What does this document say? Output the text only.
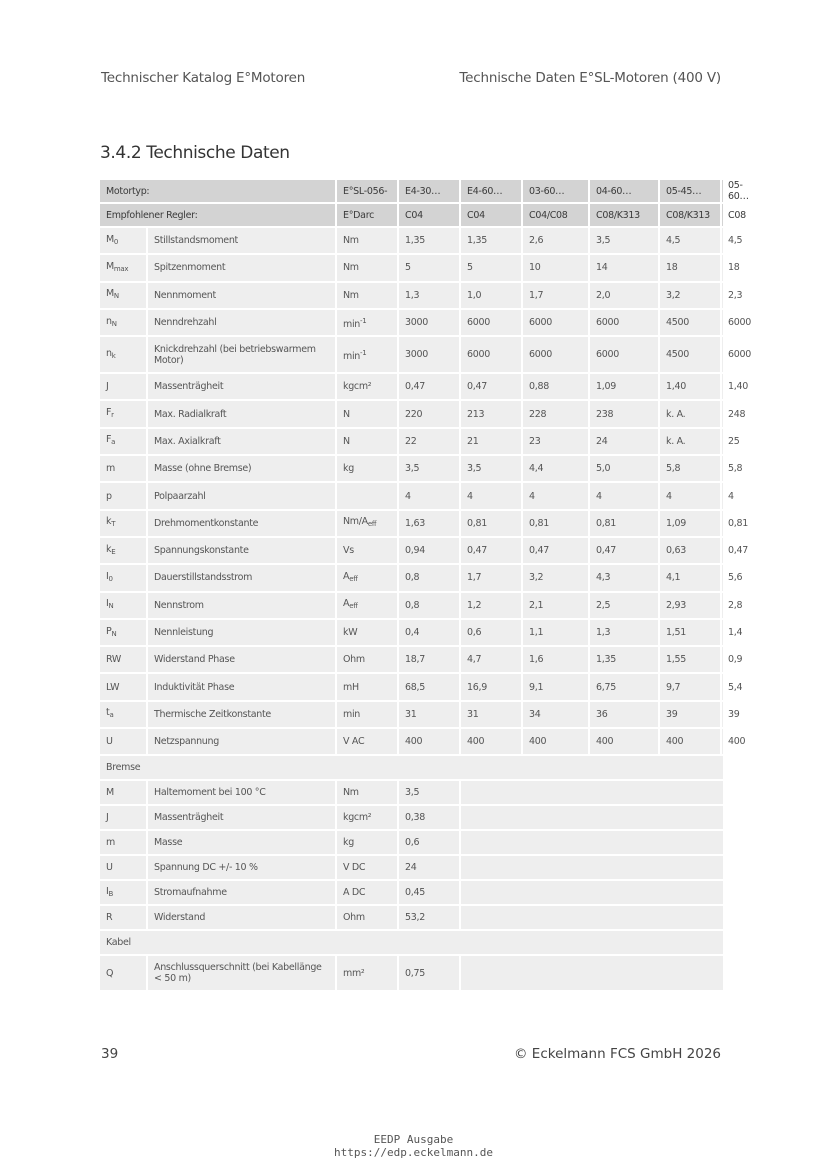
Technischer Katalog E°Motoren	Technische Daten E°SL-Motoren (400 V)
3.4.2 Technische Daten
Motortyp:		E°SL-056-	E4-30…	E4-60…	03-60…	04-60…	05-45…	05-60…
Empfohlener Regler:		E°Darc	C04	C04	C04/C08	C08/K313	C08/K313	C08
$M_0$	Stillstandsmoment	Nm	1,35	1,35	2,6	3,5	4,5	4,5
$M_{max}$	Spitzenmoment	Nm	5	5	10	14	18	18
$M_N$	Nennmoment	Nm	1,3	1,0	1,7	2,0	3,2	2,3
$n_N$	Nenndrehzahl	$\min^{-1}$	3000	6000	6000	6000	4500	6000
$n_k$	Knickdrehzahl (bei betriebswarmem Motor)	$\min^{-1}$	3000	6000	6000	6000	4500	6000
J	Massenträgheit	kgcm²	0,47	0,47	0,88	1,09	1,40	1,40
$F_r$	Max. Radialkraft	N	220	213	228	238	k. A.	248
$F_a$	Max. Axialkraft	N	22	21	23	24	k. A.	25
m	Masse (ohne Bremse)	kg	3,5	3,5	4,4	5,0	5,8	5,8
p	Polpaarzahl		4	4	4	4	4	4
$k_T$	Drehmomentkonstante	$Nm/A_{eff}$	1,63	0,81	0,81	0,81	1,09	0,81
$k_E$	Spannungskonstante	Vs	0,94	0,47	0,47	0,47	0,63	0,47
$I_0$	Dauerstillstandsstrom	$A_{eff}$	0,8	1,7	3,2	4,3	4,1	5,6
$I_N$	Nennstrom	$A_{eff}$	0,8	1,2	2,1	2,5	2,93	2,8
$P_N$	Nennleistung	kW	0,4	0,6	1,1	1,3	1,51	1,4
RW	Widerstand Phase	Ohm	18,7	4,7	1,6	1,35	1,55	0,9
LW	Induktivität Phase	mH	68,5	16,9	9,1	6,75	9,7	5,4
$t_a$	Thermische Zeitkonstante	min	31	31	34	36	39	39
U	Netzspannung	V AC	400	400	400	400	400	400
Bremse								
M	Haltemoment bei 100 °C	Nm	3,5					
J	Massenträgheit	kgcm²	0,38					
m	Masse	kg	0,6					
U	Spannung DC +/- 10 %	V DC	24					
$I_B$	Stromaufnahme	A DC	0,45					
R	Widerstand	Ohm	53,2					
Kabel								
Q	Anschlussquerschnitt (bei Kabellänge < 50 m)	mm²	0,75					
39	© Eckelmann FCS GmbH 2026
EEDP Ausgabe
https://edp.eckelmann.de
